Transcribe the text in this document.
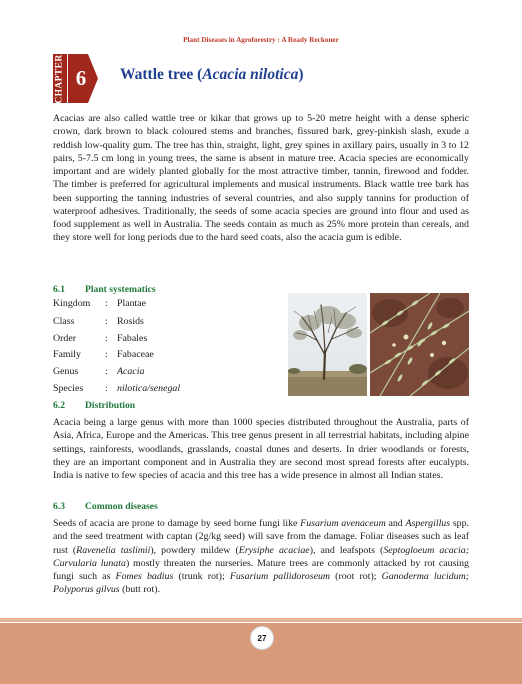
Plant Diseases in Agroforestry : A Ready Reckoner
CHAPTER 6	Wattle tree (Acacia nilotica)
Acacias are also called wattle tree or kikar that grows up to 5-20 metre height with a dense spheric crown, dark brown to black coloured stems and branches, fissured bark, grey-pinkish slash, exude a reddish low-quality gum. The tree has thin, straight, light, grey spines in axillary pairs, usually in 3 to 12 pairs, 5-7.5 cm long in young trees, the same is absent in mature tree. Acacia species are economically important and are widely planted globally for the most attractive timber, tannin, firewood and fodder. The timber is preferred for agricultural implements and musical instruments. Black wattle tree bark has been supporting the tanning industries of several countries, and also supply tannins for production of waterproof adhesives. Traditionally, the seeds of some acacia species are ground into flour and used as food supplement as well in Australia. The seeds contain as much as 25% more protein than cereals, and they store well for long periods due to the hard seed coats, also the acacia gum is edible.
6.1 Plant systematics
Kingdom : Plantae
Class	: Rosids
Order	: Fabales
Family : Fabaceae
Genus	: Acacia
Species : nilotica/senegal
6.2 Distribution
Acacia being a large genus with more than 1000 species distributed throughout the Australia, parts of Asia, Africa, Europe and the Americas. This tree genus present in all terrestrial habitats, including alpine settings, rainforests, woodlands, grasslands, coastal dunes and deserts. In drier woodlands or forests, they are an important component and in Australia they are second most spread forests after eucalypts. India is native to few species of acacia and this tree has a wide presence in almost all Indian states.
6.3 Common diseases
Seeds of acacia are prone to damage by seed borne fungi like Fusarium avenaceum and Aspergillus spp. and the seed treatment with captan (2g/kg seed) will save from the damage. Foliar diseases such as leaf rust (Ravenelia taslimii), powdery mildew (Erysiphe acaciae), and leafspots (Septogloeum acacia; Curvularia lunata) mostly threaten the nurseries. Mature trees are commonly attacked by rot causing fungi such as Fomes badius (trunk rot); Fusarium pallidoroseum (root rot); Ganoderma lucidum; Polyporus gilvus (butt rot).
27
